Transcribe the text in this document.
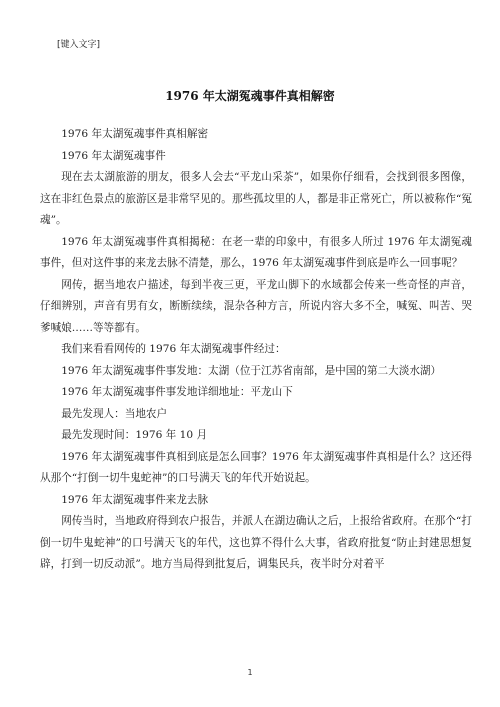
[键入文字]
1976 年太湖冤魂事件真相解密

1976 年太湖冤魂事件真相解密

1976 年太湖冤魂事件

现在去太湖旅游的朋友，很多人会去“平龙山采茶”，如果你仔细看，会找到很多图像，这在非红色景点的旅游区是非常罕见的。那些孤坟里的人，都是非正常死亡，所以被称作“冤魂”。

1976 年太湖冤魂事件真相揭秘：在老一辈的印象中，有很多人所过 1976 年太湖冤魂事件，但对这件事的来龙去脉不清楚，那么，1976 年太湖冤魂事件到底是咋么一回事呢？

网传，据当地农户描述，每到半夜三更，平龙山脚下的水域都会传来一些奇怪的声音，仔细辨别，声音有男有女，断断续续，混杂各种方言，所说内容大多不全，喊冤、叫苦、哭爹喊娘……等等都有。

我们来看看网传的 1976 年太湖冤魂事件经过：

1976 年太湖冤魂事件事发地：太湖（位于江苏省南部，是中国的第二大淡水湖）

1976 年太湖冤魂事件事发地详细地址：平龙山下

最先发现人：当地农户

最先发现时间：1976 年 10 月

1976 年太湖冤魂事件真相到底是怎么回事？1976 年太湖冤魂事件真相是什么？这还得从那个“打倒一切牛鬼蛇神”的口号满天飞的年代开始说起。

1976 年太湖冤魂事件来龙去脉

网传当时，当地政府得到农户报告，并派人在湖边确认之后，上报给省政府。在那个“打倒一切牛鬼蛇神”的口号满天飞的年代，这也算不得什么大事，省政府批复“防止封建思想复辟，打到一切反动派”。地方当局得到批复后，调集民兵，夜半时分对着平

1
